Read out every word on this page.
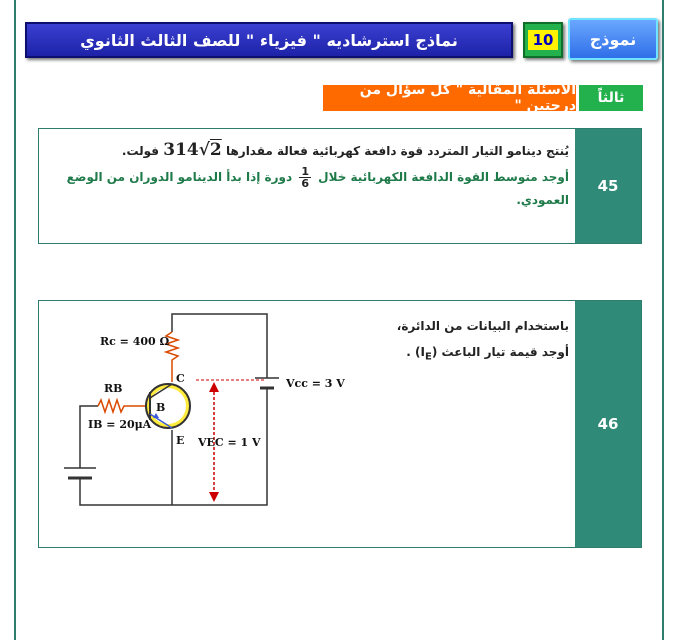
نماذج استرشاديه " فيزياء " للصف الثالث الثانوي	10	نموذج
الأسئلة المقالية " كل سؤال من درجتين "	ثالثاً
45
يُنتج دينامو التيار المتردد قوة دافعة كهربائية فعالة مقدارها 314√2 فولت.
أوجد متوسط القوة الدافعة الكهربائية خلال
$\frac{1}{6}$
دورة إذا بدأ الدينامو الدوران من الوضع
العمودي.
46
باستخدام البيانات من الدائرة،
أوجد قيمة تيار الباعث $(I_E)$ .
Rc = 400 Ω
RB
IB = 20μA
Vcc = 3 V
VEC = 1 V
C
B
E
